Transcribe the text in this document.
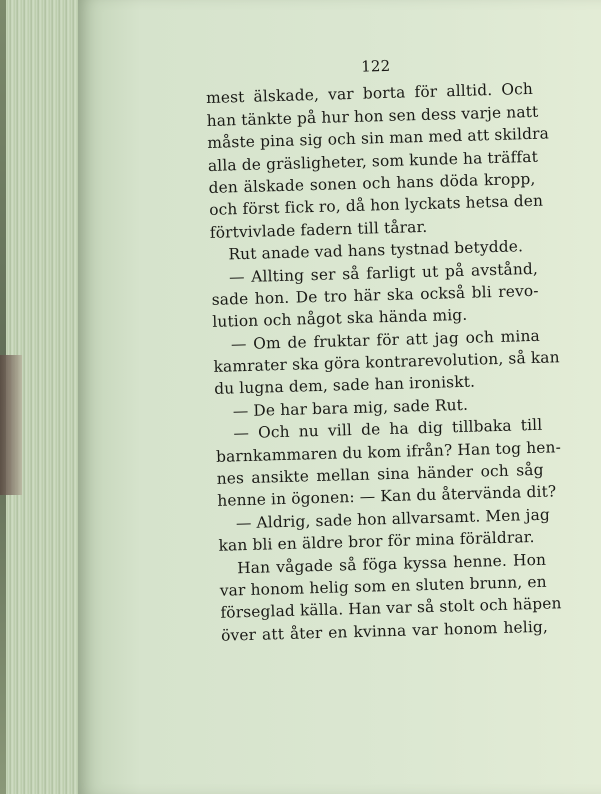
122
mest älskade, var borta för alltid. Och
han tänkte på hur hon sen dess varje natt
måste pina sig och sin man med att skildra
alla de gräsligheter, som kunde ha träffat
den älskade sonen och hans döda kropp,
och först fick ro, då hon lyckats hetsa den
förtvivlade fadern till tårar.
Rut anade vad hans tystnad betydde.
— Allting ser så farligt ut på avstånd,
sade hon. De tro här ska också bli revo-
lution och något ska hända mig.
— Om de fruktar för att jag och mina
kamrater ska göra kontrarevolution, så kan
du lugna dem, sade han ironiskt.
— De har bara mig, sade Rut.
— Och nu vill de ha dig tillbaka till
barnkammaren du kom ifrån? Han tog hen-
nes ansikte mellan sina händer och såg
henne in ögonen: — Kan du återvända dit?
— Aldrig, sade hon allvarsamt. Men jag
kan bli en äldre bror för mina föräldrar.
Han vågade så föga kyssa henne. Hon
var honom helig som en sluten brunn, en
förseglad källa. Han var så stolt och häpen
över att åter en kvinna var honom helig,
